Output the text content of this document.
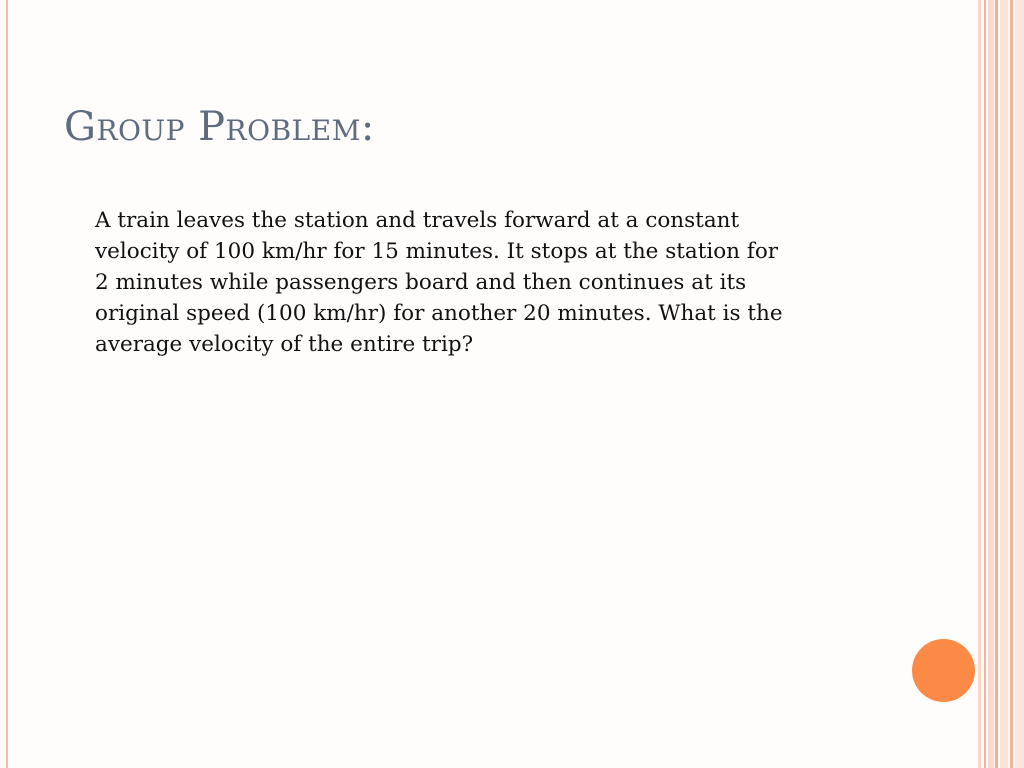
Group Problem:

A train leaves the station and travels forward at a constant
velocity of 100 km/hr for 15 minutes. It stops at the station for
2 minutes while passengers board and then continues at its
original speed (100 km/hr) for another 20 minutes. What is the
average velocity of the entire trip?
